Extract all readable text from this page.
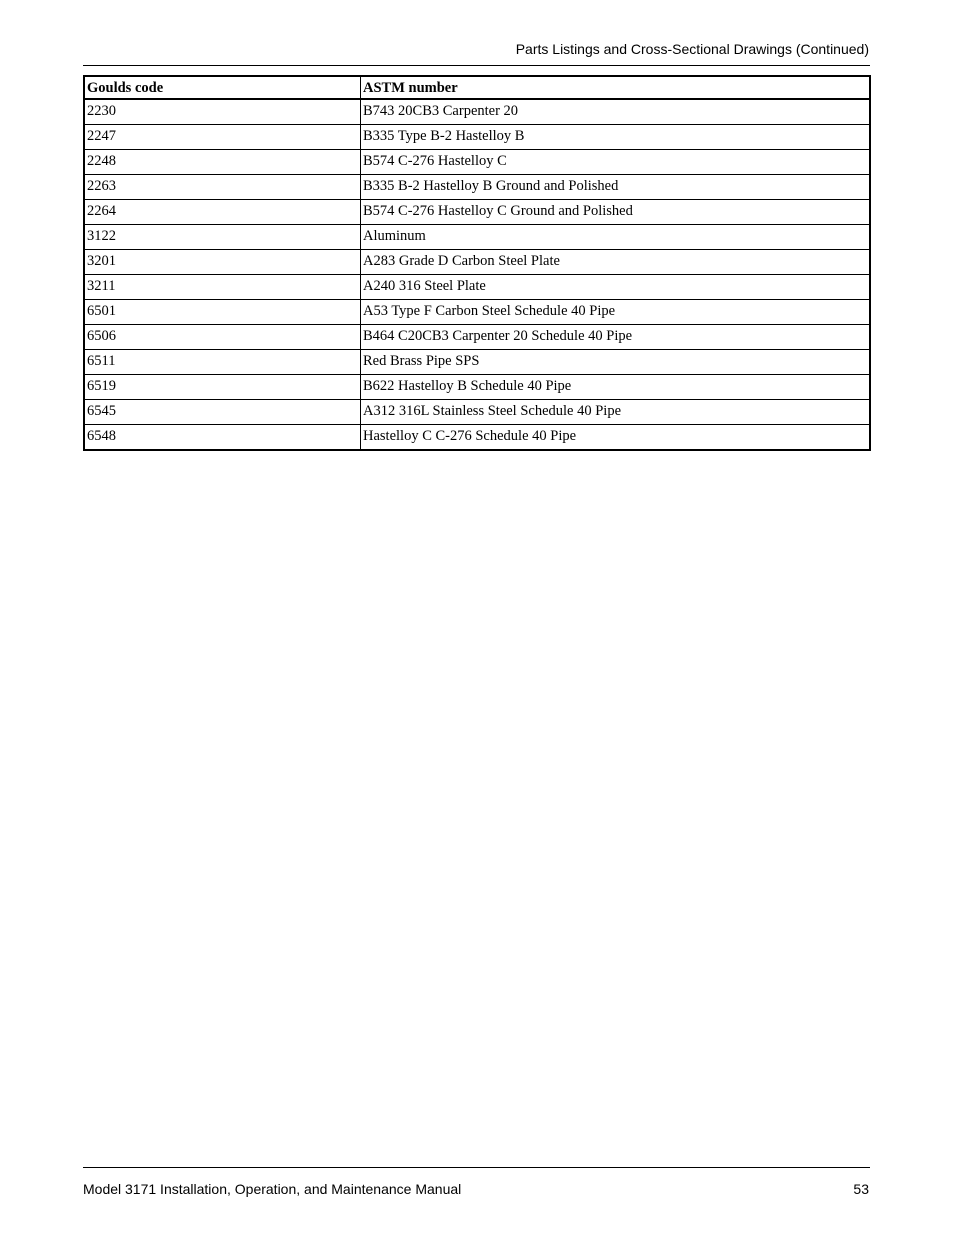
Parts Listings and Cross-Sectional Drawings (Continued)
Goulds code	ASTM number
2230	B743 20CB3 Carpenter 20
2247	B335 Type B-2 Hastelloy B
2248	B574 C-276 Hastelloy C
2263	B335 B-2 Hastelloy B Ground and Polished
2264	B574 C-276 Hastelloy C Ground and Polished
3122	Aluminum
3201	A283 Grade D Carbon Steel Plate
3211	A240 316 Steel Plate
6501	A53 Type F Carbon Steel Schedule 40 Pipe
6506	B464 C20CB3 Carpenter 20 Schedule 40 Pipe
6511	Red Brass Pipe SPS
6519	B622 Hastelloy B Schedule 40 Pipe
6545	A312 316L Stainless Steel Schedule 40 Pipe
6548	Hastelloy C C-276 Schedule 40 Pipe
Model 3171 Installation, Operation, and Maintenance Manual	53
